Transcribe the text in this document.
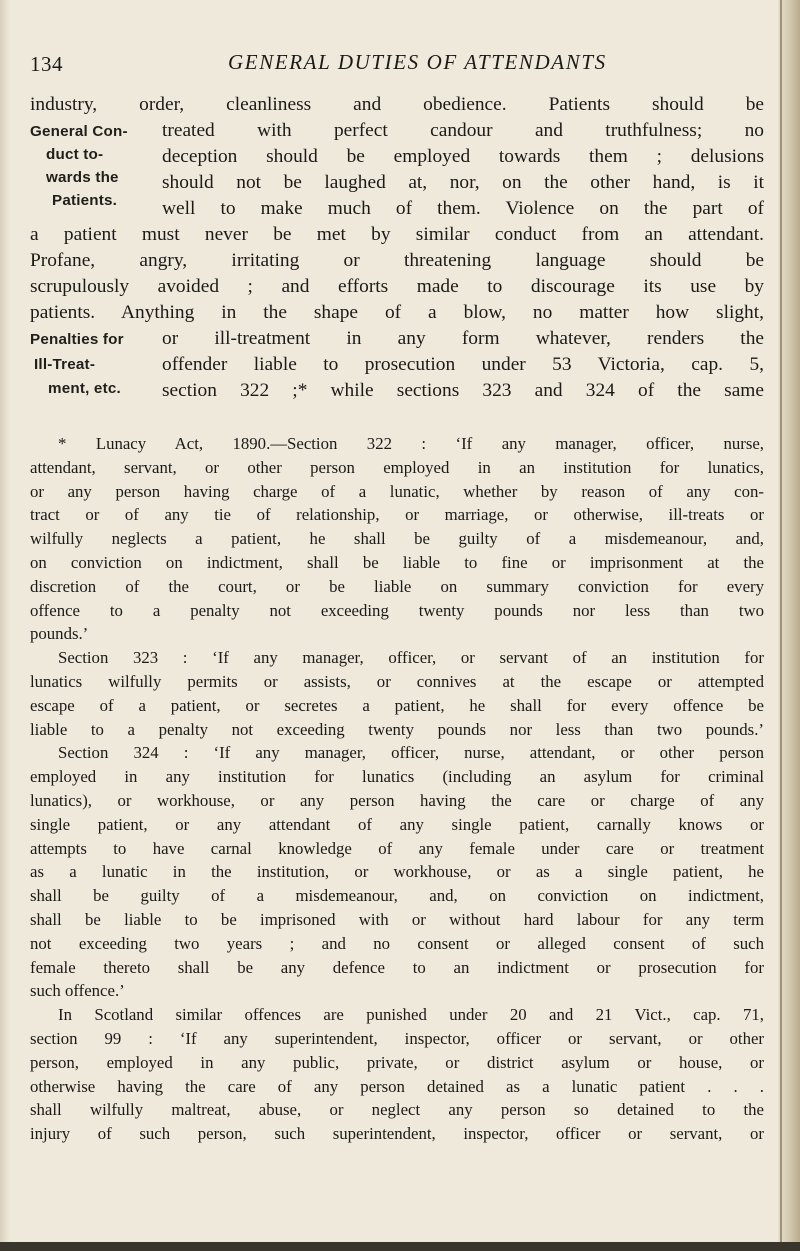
134	GENERAL DUTIES OF ATTENDANTS
industry, order, cleanliness and obedience. Patients should be
treated with perfect candour and truthfulness; no
deception should be employed towards them ; delusions
should not be laughed at, nor, on the other hand, is it
well to make much of them. Violence on the part of
a patient must never be met by similar conduct from an attendant.
Profane, angry, irritating or threatening language should be
scrupulously avoided ; and efforts made to discourage its use by
patients. Anything in the shape of a blow, no matter how slight,
or ill-treatment in any form whatever, renders the
offender liable to prosecution under 53 Victoria, cap. 5,
section 322 ;* while sections 323 and 324 of the same
General Con-
duct to-
wards the
Patients.
Penalties for
Ill-Treat-
ment, etc.
* Lunacy Act, 1890.—Section 322 : ‘If any manager, officer, nurse,
attendant, servant, or other person employed in an institution for lunatics,
or any person having charge of a lunatic, whether by reason of any con-
tract or of any tie of relationship, or marriage, or otherwise, ill-treats or
wilfully neglects a patient, he shall be guilty of a misdemeanour, and,
on conviction on indictment, shall be liable to fine or imprisonment at the
discretion of the court, or be liable on summary conviction for every
offence to a penalty not exceeding twenty pounds nor less than two
pounds.’
Section 323 : ‘If any manager, officer, or servant of an institution for
lunatics wilfully permits or assists, or connives at the escape or attempted
escape of a patient, or secretes a patient, he shall for every offence be
liable to a penalty not exceeding twenty pounds nor less than two pounds.’
Section 324 : ‘If any manager, officer, nurse, attendant, or other person
employed in any institution for lunatics (including an asylum for criminal
lunatics), or workhouse, or any person having the care or charge of any
single patient, or any attendant of any single patient, carnally knows or
attempts to have carnal knowledge of any female under care or treatment
as a lunatic in the institution, or workhouse, or as a single patient, he
shall be guilty of a misdemeanour, and, on conviction on indictment,
shall be liable to be imprisoned with or without hard labour for any term
not exceeding two years ; and no consent or alleged consent of such
female thereto shall be any defence to an indictment or prosecution for
such offence.’
In Scotland similar offences are punished under 20 and 21 Vict., cap. 71,
section 99 : ‘If any superintendent, inspector, officer or servant, or other
person, employed in any public, private, or district asylum or house, or
otherwise having the care of any person detained as a lunatic patient . . .
shall wilfully maltreat, abuse, or neglect any person so detained to the
injury of such person, such superintendent, inspector, officer or servant, or
